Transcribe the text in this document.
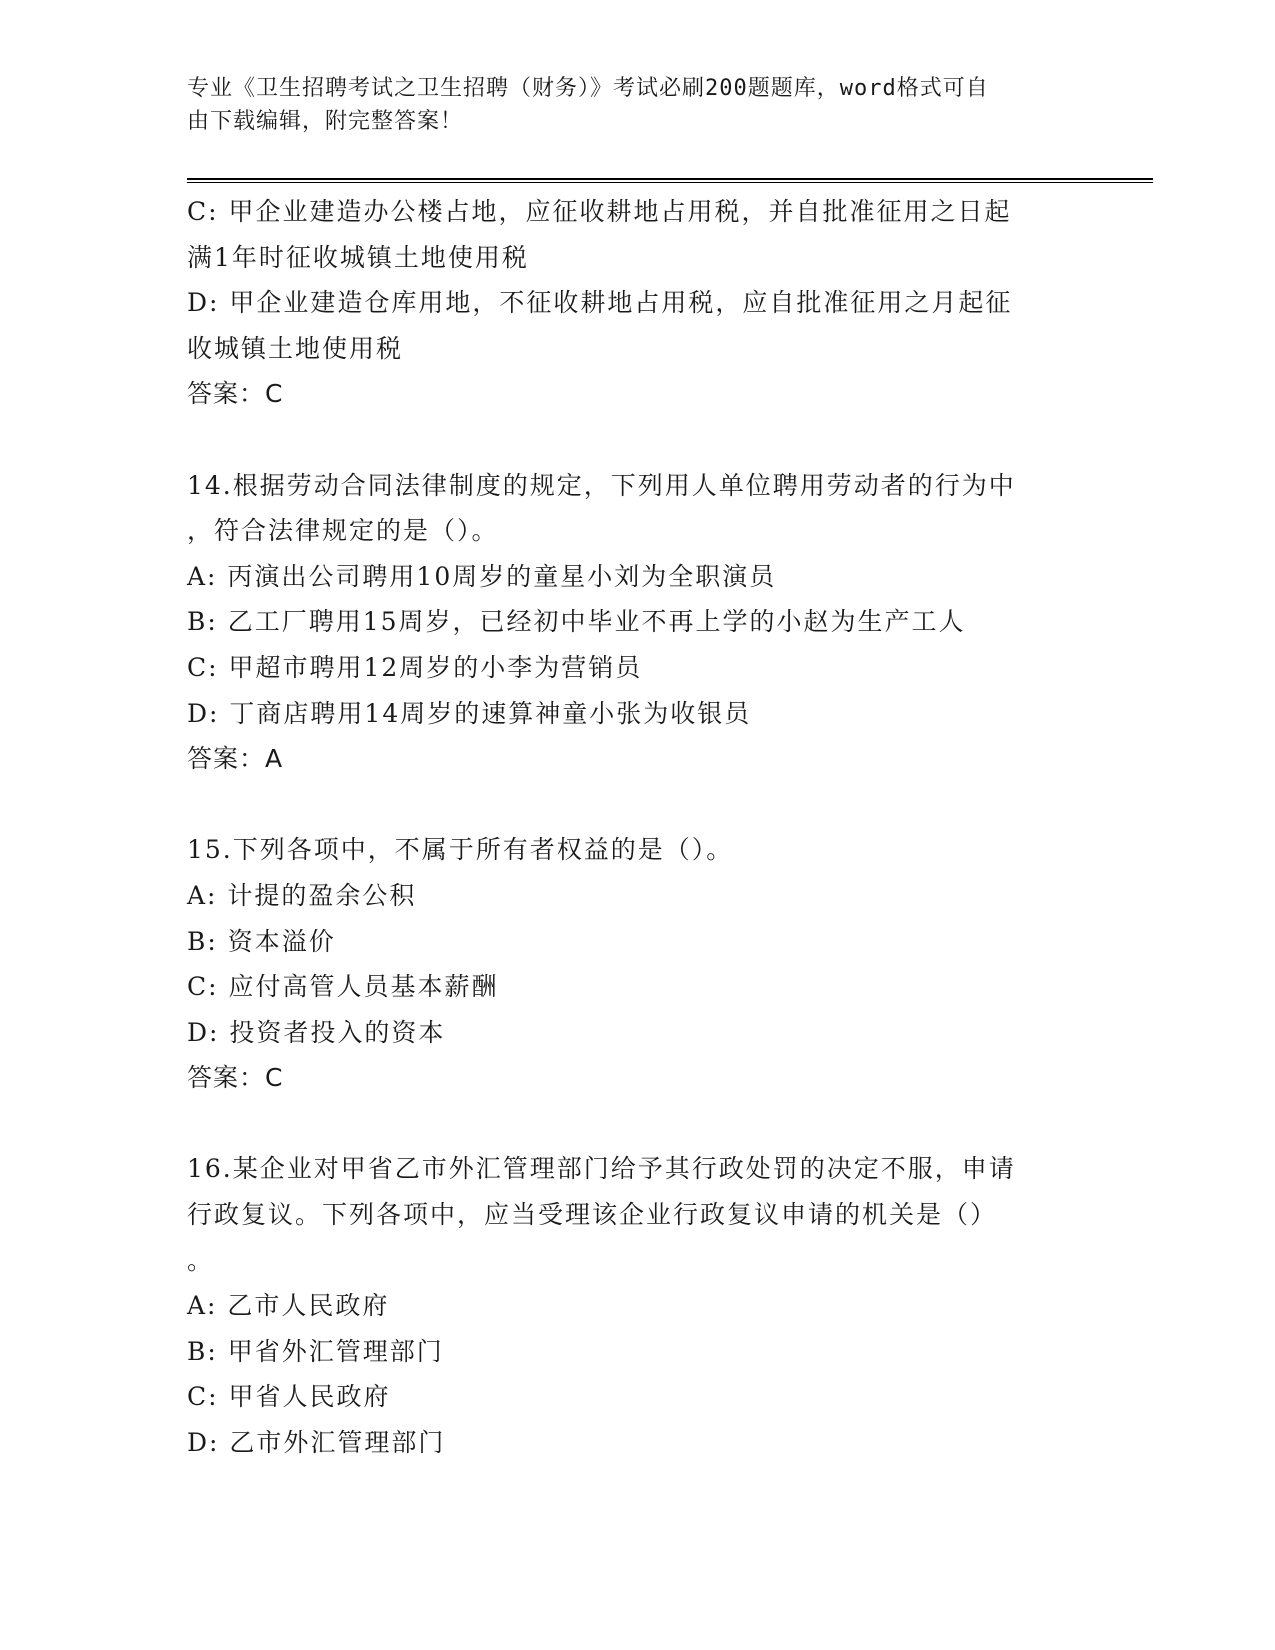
专业《卫生招聘考试之卫生招聘（财务）》考试必刷200题题库，word格式可自

由下载编辑，附完整答案！

C: 甲企业建造办公楼占地，应征收耕地占用税，并自批准征用之日起

满1年时征收城镇土地使用税

D: 甲企业建造仓库用地，不征收耕地占用税，应自批准征用之月起征

收城镇土地使用税

答案：C

14.根据劳动合同法律制度的规定，下列用人单位聘用劳动者的行为中

，符合法律规定的是（）。

A: 丙演出公司聘用10周岁的童星小刘为全职演员

B: 乙工厂聘用15周岁，已经初中毕业不再上学的小赵为生产工人

C: 甲超市聘用12周岁的小李为营销员

D: 丁商店聘用14周岁的速算神童小张为收银员

答案：A

15.下列各项中，不属于所有者权益的是（）。

A: 计提的盈余公积

B: 资本溢价

C: 应付高管人员基本薪酬

D: 投资者投入的资本

答案：C

16.某企业对甲省乙市外汇管理部门给予其行政处罚的决定不服，申请

行政复议。下列各项中，应当受理该企业行政复议申请的机关是（）

。

A: 乙市人民政府

B: 甲省外汇管理部门

C: 甲省人民政府

D: 乙市外汇管理部门
